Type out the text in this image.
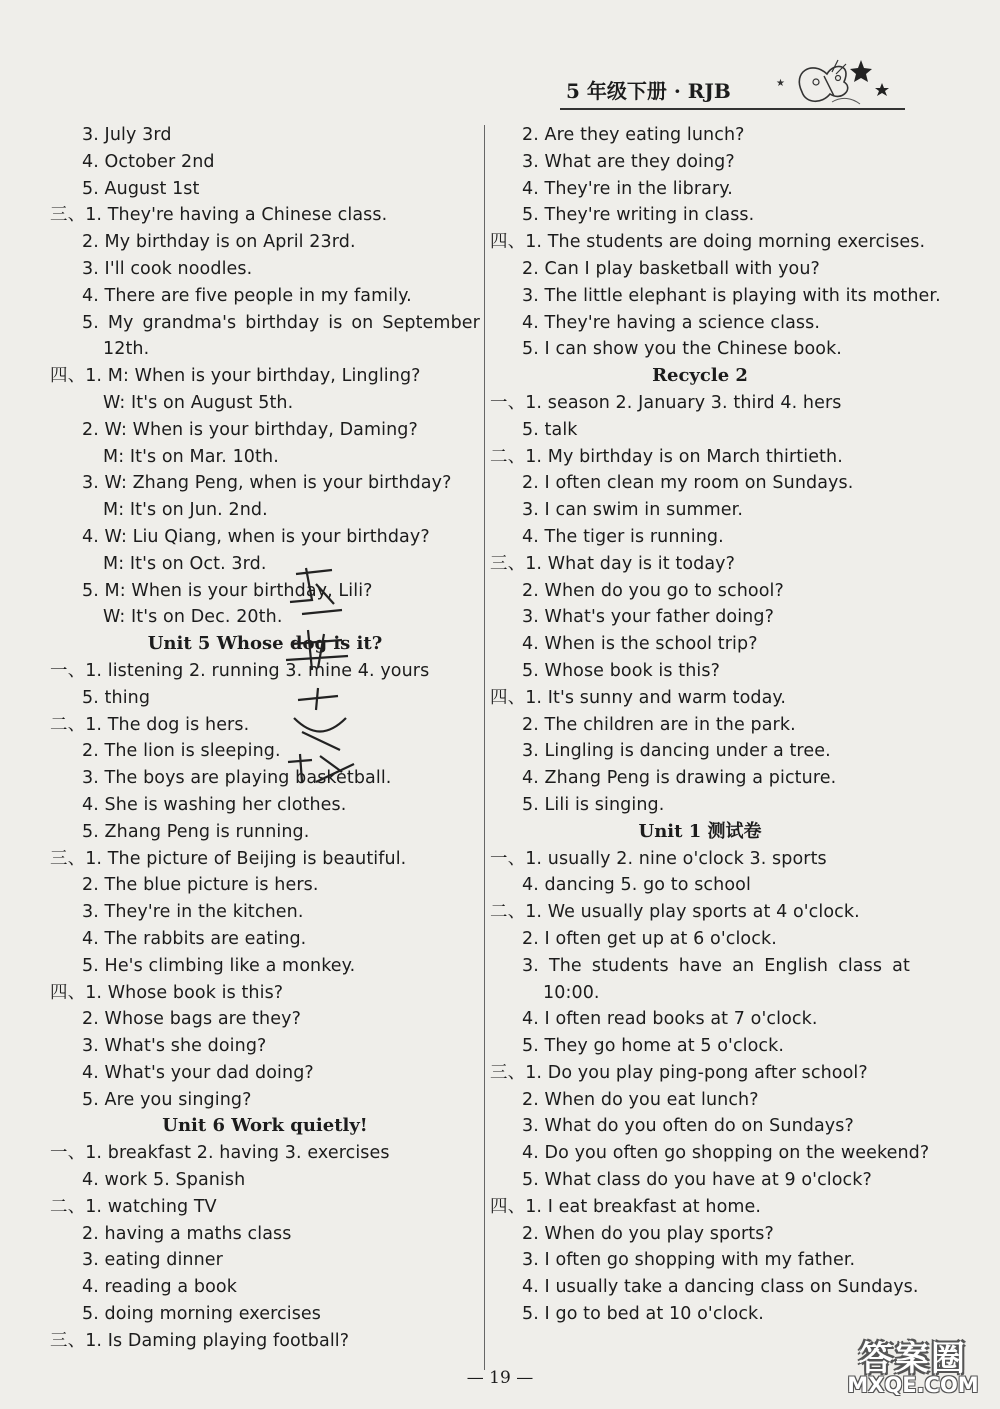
5 年级下册 · RJB	★
3. July 3rd
4. October 2nd
5. August 1st
三、1. They're having a Chinese class.
2. My birthday is on April 23rd.
3. I'll cook noodles.
4. There are five people in my family.
5. My grandma's birthday is on September
12th.
四、1. M: When is your birthday, Lingling?
W: It's on August 5th.
2. W: When is your birthday, Daming?
M: It's on Mar. 10th.
3. W: Zhang Peng, when is your birthday?
M: It's on Jun. 2nd.
4. W: Liu Qiang, when is your birthday?
M: It's on Oct. 3rd.
5. M: When is your birthday, Lili?
W: It's on Dec. 20th.
Unit 5 Whose dog is it?
一、1. listening 2. running 3. mine 4. yours
5. thing
二、1. The dog is hers.
2. The lion is sleeping.
3. The boys are playing basketball.
4. She is washing her clothes.
5. Zhang Peng is running.
三、1. The picture of Beijing is beautiful.
2. The blue picture is hers.
3. They're in the kitchen.
4. The rabbits are eating.
5. He's climbing like a monkey.
四、1. Whose book is this?
2. Whose bags are they?
3. What's she doing?
4. What's your dad doing?
5. Are you singing?
Unit 6 Work quietly!
一、1. breakfast 2. having 3. exercises
4. work 5. Spanish
二、1. watching TV
2. having a maths class
3. eating dinner
4. reading a book
5. doing morning exercises
三、1. Is Daming playing football?
2. Are they eating lunch?
3. What are they doing?
4. They're in the library.
5. They're writing in class.
四、1. The students are doing morning exercises.
2. Can I play basketball with you?
3. The little elephant is playing with its mother.
4. They're having a science class.
5. I can show you the Chinese book.
Recycle 2
一、1. season 2. January 3. third 4. hers
5. talk
二、1. My birthday is on March thirtieth.
2. I often clean my room on Sundays.
3. I can swim in summer.
4. The tiger is running.
三、1. What day is it today?
2. When do you go to school?
3. What's your father doing?
4. When is the school trip?
5. Whose book is this?
四、1. It's sunny and warm today.
2. The children are in the park.
3. Lingling is dancing under a tree.
4. Zhang Peng is drawing a picture.
5. Lili is singing.
Unit 1 测试卷
一、1. usually 2. nine o'clock 3. sports
4. dancing 5. go to school
二、1. We usually play sports at 4 o'clock.
2. I often get up at 6 o'clock.
3. The students have an English class at
10:00.
4. I often read books at 7 o'clock.
5. They go home at 5 o'clock.
三、1. Do you play ping-pong after school?
2. When do you eat lunch?
3. What do you often do on Sundays?
4. Do you often go shopping on the weekend?
5. What class do you have at 9 o'clock?
四、1. I eat breakfast at home.
2. When do you play sports?
3. I often go shopping with my father.
4. I usually take a dancing class on Sundays.
5. I go to bed at 10 o'clock.
— 19 —	答案圈
MXQE.COM
